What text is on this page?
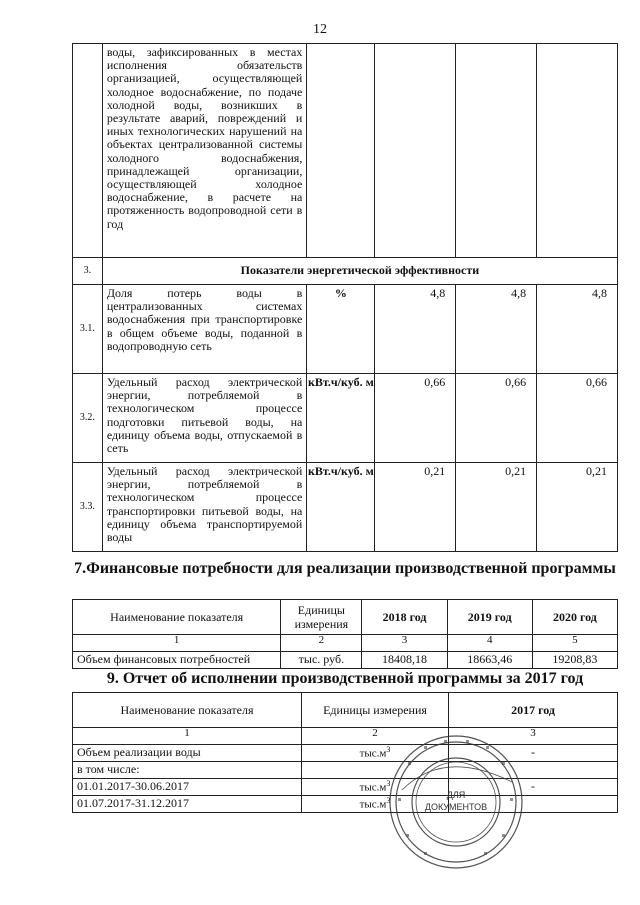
12
	воды, зафиксированных в местах исполнения обязательств организацией, осуществляющей холодное водоснабжение, по подаче холодной воды, возникших в результате аварий, повреждений и иных технологических нарушений на объектах централизованной системы холодного водоснабжения, принадлежащей организации, осуществляющей холодное водоснабжение, в расчете на протяженность водопроводной сети в год				
3.	Показатели энергетической эффективности				
3.1.	Доля потерь воды в централизованных системах водоснабжения при транспортировке в общем объеме воды, поданной в водопроводную сеть	%	4,8	4,8	4,8
3.2.	Удельный расход электрической энергии, потребляемой в технологическом процессе подготовки питьевой воды, на единицу объема воды, отпускаемой в сеть	кВт.ч/куб. м	0,66	0,66	0,66
3.3.	Удельный расход электрической энергии, потребляемой в технологическом процессе транспортировки питьевой воды, на единицу объема транспортируемой воды	кВт.ч/куб. м	0,21	0,21	0,21
7.Финансовые потребности для реализации производственной программы
Наименование показателя	Единицы измерения	2018 год	2019 год	2020 год
1	2	3	4	5
Объем финансовых потребностей	тыс. руб.	18408,18	18663,46	19208,83
9. Отчет об исполнении производственной программы за 2017 год
Наименование показателя	Единицы измерения	2017 год
1	2	3
Объем реализации воды	$тыс.м^3$	-
в том числе:		
01.01.2017-30.06.2017	$тыс.м^3$	-
01.07.2017-31.12.2017	$тыс.м^3$	
ДЛЯ
ДОКУМЕНТОВ
